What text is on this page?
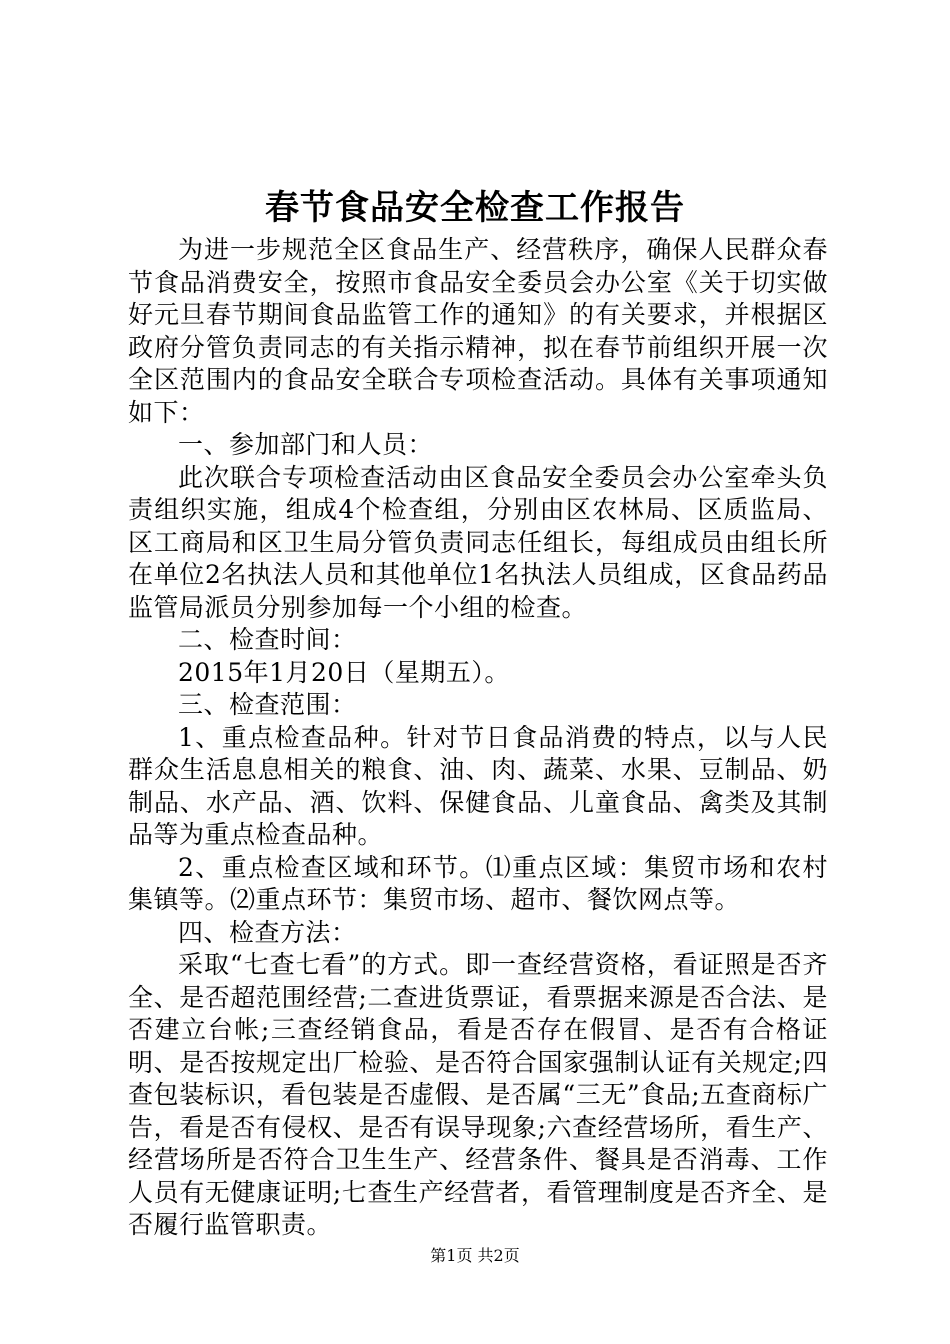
春节食品安全检查工作报告

为进一步规范全区食品生产、经营秩序，确保人民群众春节食品消费安全，按照市食品安全委员会办公室《关于切实做好元旦春节期间食品监管工作的通知》的有关要求，并根据区政府分管负责同志的有关指示精神，拟在春节前组织开展一次全区范围内的食品安全联合专项检查活动。具体有关事项通知如下：

一、参加部门和人员：

此次联合专项检查活动由区食品安全委员会办公室牵头负责组织实施，组成4个检查组，分别由区农林局、区质监局、区工商局和区卫生局分管负责同志任组长，每组成员由组长所在单位2名执法人员和其他单位1名执法人员组成，区食品药品监管局派员分别参加每一个小组的检查。

二、检查时间：

2015年1月20日（星期五）。

三、检查范围：

1、重点检查品种。针对节日食品消费的特点，以与人民群众生活息息相关的粮食、油、肉、蔬菜、水果、豆制品、奶制品、水产品、酒、饮料、保健食品、儿童食品、禽类及其制品等为重点检查品种。

2、重点检查区域和环节。⑴重点区域：集贸市场和农村集镇等。⑵重点环节：集贸市场、超市、餐饮网点等。

四、检查方法：

采取“七查七看”的方式。即一查经营资格，看证照是否齐全、是否超范围经营;二查进货票证，看票据来源是否合法、是否建立台帐;三查经销食品，看是否存在假冒、是否有合格证明、是否按规定出厂检验、是否符合国家强制认证有关规定;四查包装标识，看包装是否虚假、是否属“三无”食品;五查商标广告，看是否有侵权、是否有误导现象;六查经营场所，看生产、经营场所是否符合卫生生产、经营条件、餐具是否消毒、工作人员有无健康证明;七查生产经营者，看管理制度是否齐全、是否履行监管职责。

第1页 共2页
